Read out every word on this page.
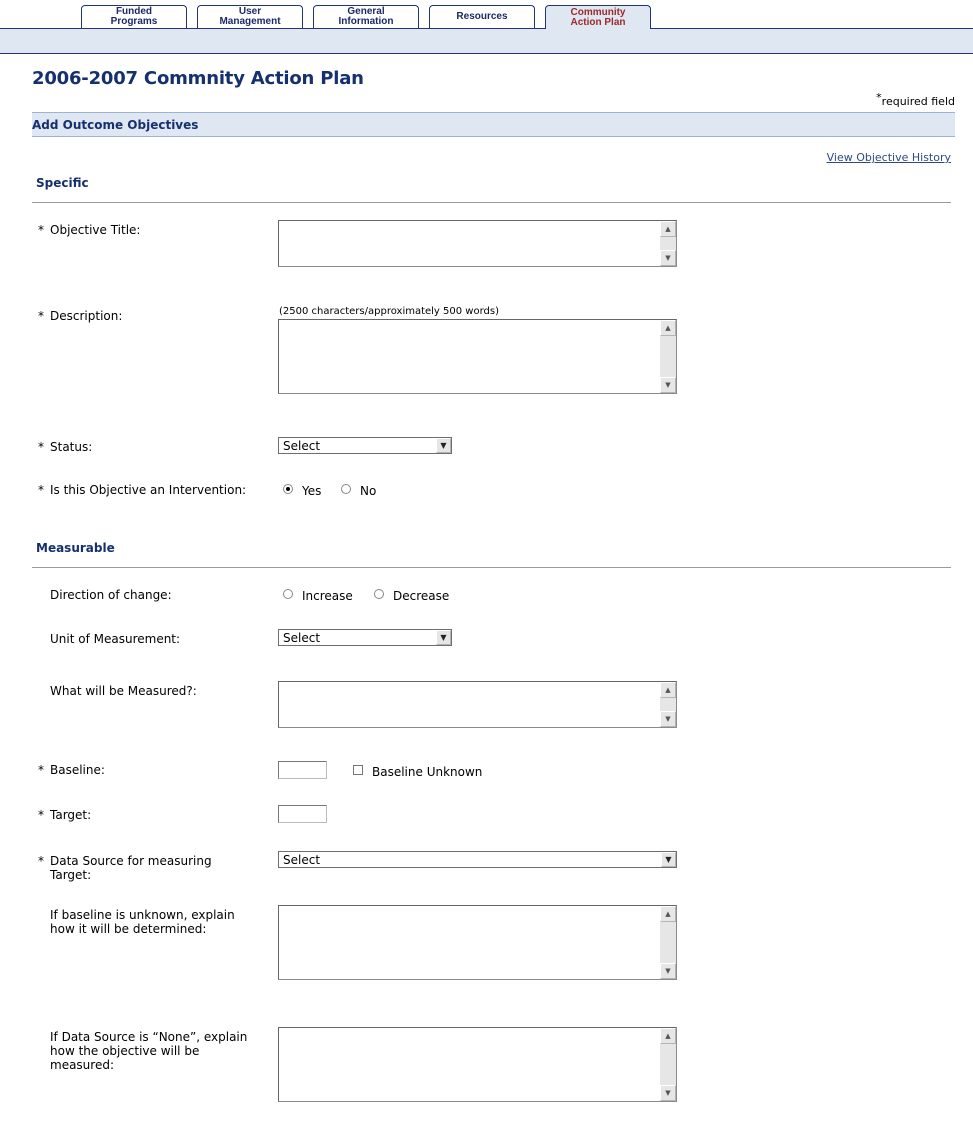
Funded
Programs
User
Management
General
Information	Resources	Community
Action Plan
2006-2007 Commnity Action Plan
*required field
Add Outcome Objectives
View Objective History
Specific
* Objective Title:	▲
▼
* Description:	(2500 characters/approximately 500 words)
▲
▼
* Status:	Select	▼
* Is this Objective an Intervention:	Yes	No
Measurable
Direction of change:	Increase	Decrease
Unit of Measurement:	Select	▼
What will be Measured?:	▲
▼
* Baseline:	Baseline Unknown
* Target:
* Data Source for measuring Target:
Select	▼
If baseline is unknown, explain how it will be determined:
▲
▼
If Data Source is “None”, explain how the objective will be measured:
▲
▼
